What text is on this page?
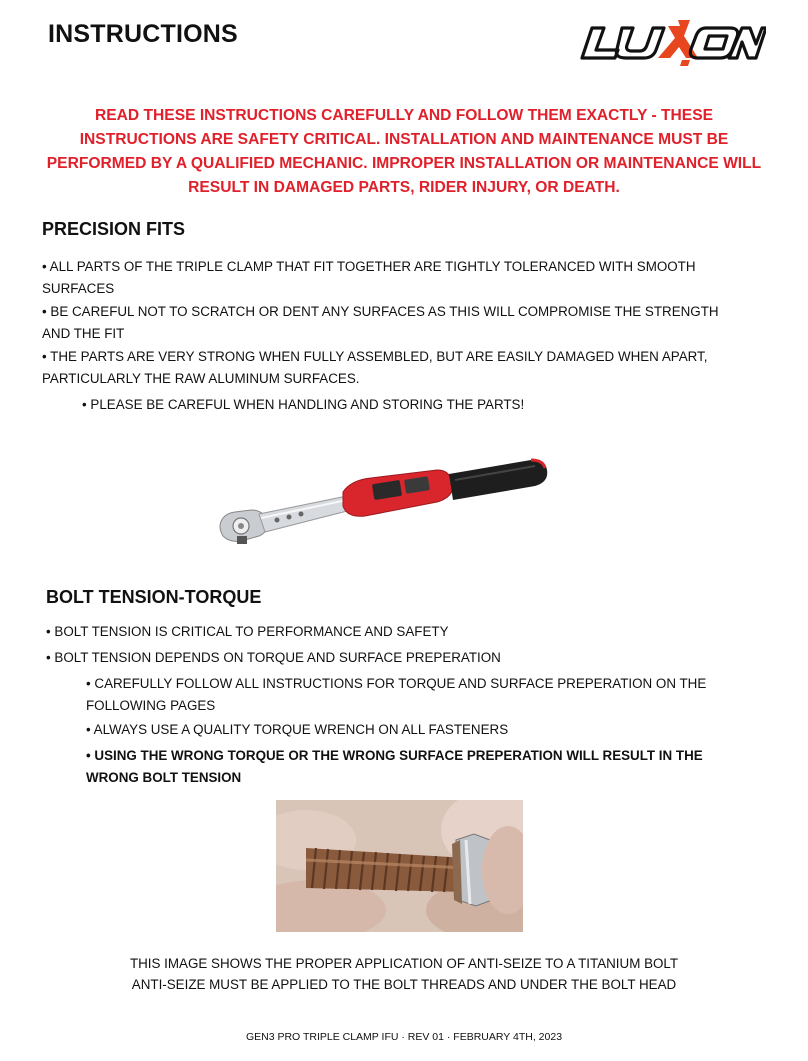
INSTRUCTIONS
READ THESE INSTRUCTIONS CAREFULLY AND FOLLOW THEM EXACTLY - THESE INSTRUCTIONS ARE SAFETY CRITICAL. INSTALLATION AND MAINTENANCE MUST BE PERFORMED BY A QUALIFIED MECHANIC. IMPROPER INSTALLATION OR MAINTENANCE WILL RESULT IN DAMAGED PARTS, RIDER INJURY, OR DEATH.
PRECISION FITS
• ALL PARTS OF THE TRIPLE CLAMP THAT FIT TOGETHER ARE TIGHTLY TOLERANCED WITH SMOOTH SURFACES
• BE CAREFUL NOT TO SCRATCH OR DENT ANY SURFACES AS THIS WILL COMPROMISE THE STRENGTH AND THE FIT
• THE PARTS ARE VERY STRONG WHEN FULLY ASSEMBLED, BUT ARE EASILY DAMAGED WHEN APART, PARTICULARLY THE RAW ALUMINUM SURFACES.
• PLEASE BE CAREFUL WHEN HANDLING AND STORING THE PARTS!
BOLT TENSION-TORQUE
• BOLT TENSION IS CRITICAL TO PERFORMANCE AND SAFETY
• BOLT TENSION DEPENDS ON TORQUE AND SURFACE PREPERATION
• CAREFULLY FOLLOW ALL INSTRUCTIONS FOR TORQUE AND SURFACE PREPERATION ON THE FOLLOWING PAGES
• ALWAYS USE A QUALITY TORQUE WRENCH ON ALL FASTENERS
• USING THE WRONG TORQUE OR THE WRONG SURFACE PREPERATION WILL RESULT IN THE WRONG BOLT TENSION
THIS IMAGE SHOWS THE PROPER APPLICATION OF ANTI-SEIZE TO A TITANIUM BOLT
ANTI-SEIZE MUST BE APPLIED TO THE BOLT THREADS AND UNDER THE BOLT HEAD
GEN3 PRO TRIPLE CLAMP IFU · REV 01 · FEBRUARY 4TH, 2023
